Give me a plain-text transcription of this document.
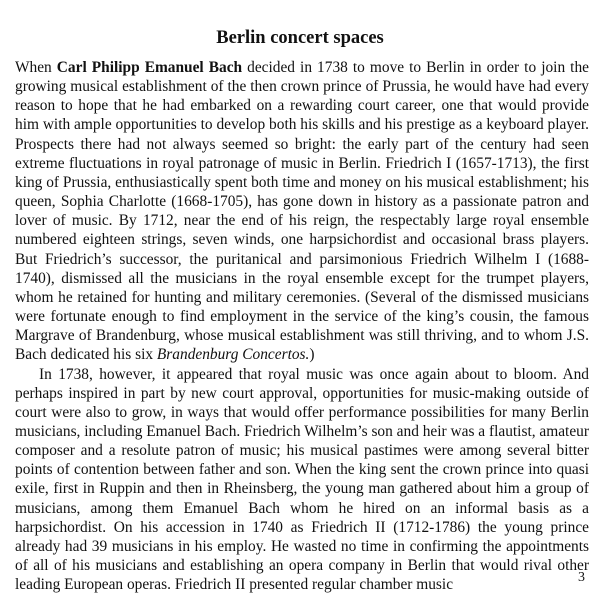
Berlin concert spaces

When Carl Philipp Emanuel Bach decided in 1738 to move to Berlin in order to join the growing musical establishment of the then crown prince of Prussia, he would have had every reason to hope that he had embarked on a rewarding court career, one that would provide him with ample opportunities to develop both his skills and his prestige as a keyboard player. Prospects there had not always seemed so bright: the early part of the century had seen extreme fluctuations in royal patronage of music in Berlin. Friedrich I (1657-1713), the first king of Prussia, enthusiastically spent both time and money on his musical establishment; his queen, Sophia Charlotte (1668-1705), has gone down in history as a passionate patron and lover of music. By 1712, near the end of his reign, the respectably large royal ensemble numbered eighteen strings, seven winds, one harpsichordist and occasional brass players. But Friedrich’s successor, the puritanical and parsimonious Friedrich Wilhelm I (1688-1740), dismissed all the musicians in the royal ensemble except for the trumpet players, whom he retained for hunting and military ceremonies. (Several of the dismissed musicians were fortunate enough to find employment in the service of the king’s cousin, the famous Margrave of Brandenburg, whose musical establishment was still thriving, and to whom J.S. Bach dedicated his six Brandenburg Concertos.)

In 1738, however, it appeared that royal music was once again about to bloom. And perhaps inspired in part by new court approval, opportunities for music-making outside of court were also to grow, in ways that would offer performance possibilities for many Berlin musicians, including Emanuel Bach. Friedrich Wilhelm’s son and heir was a flautist, amateur composer and a resolute patron of music; his musical pastimes were among several bitter points of contention between father and son. When the king sent the crown prince into quasi exile, first in Ruppin and then in Rheinsberg, the young man gathered about him a group of musicians, among them Emanuel Bach whom he hired on an informal basis as a harpsichordist. On his accession in 1740 as Friedrich II (1712-1786) the young prince already had 39 musicians in his employ. He wasted no time in confirming the appointments of all of his musicians and establishing an opera company in Berlin that would rival other leading European operas. Friedrich II presented regular chamber music	3
